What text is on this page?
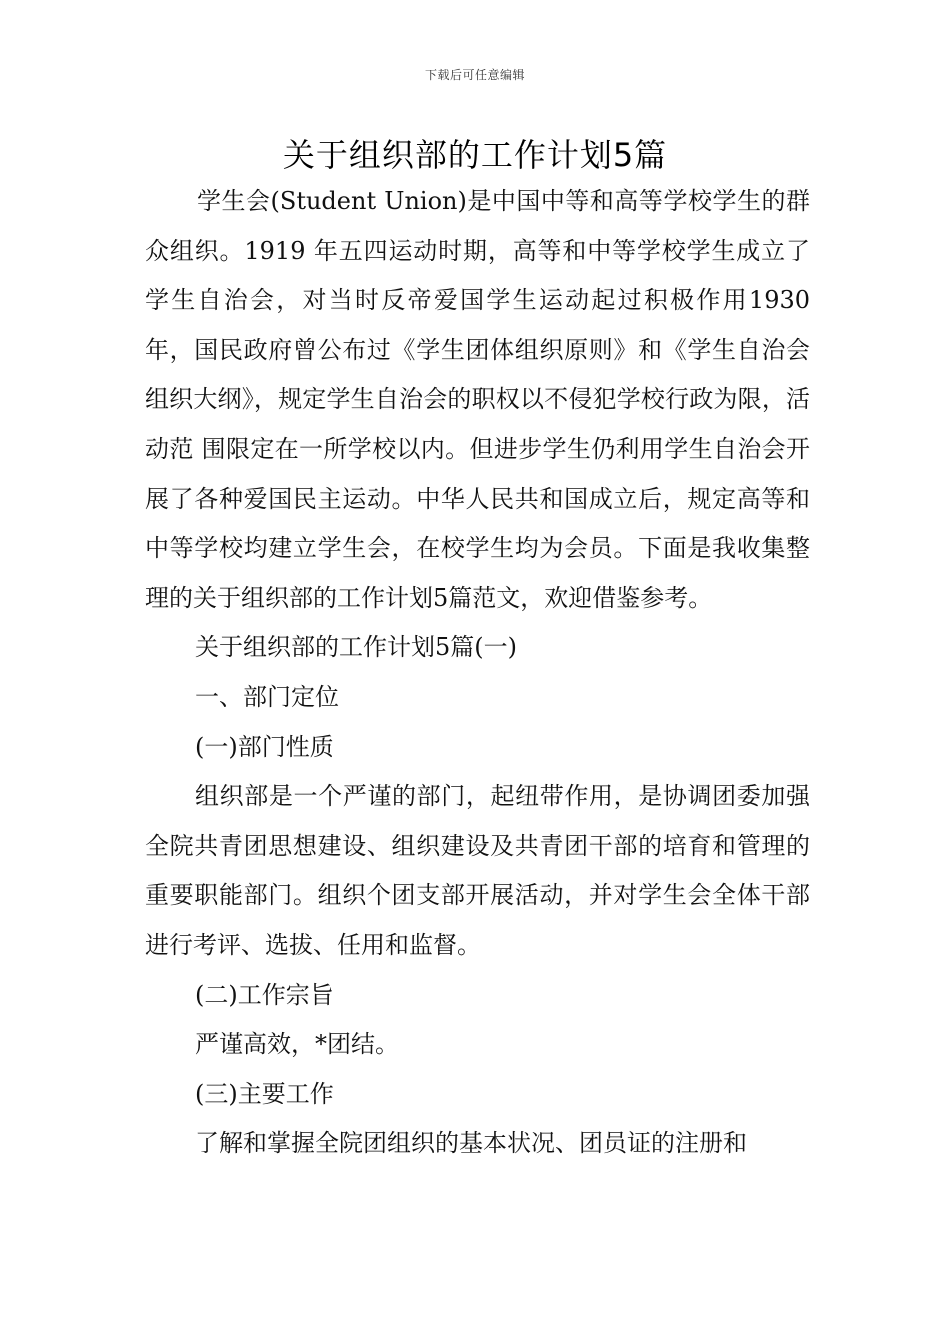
下载后可任意编辑
关于组织部的工作计划5篇

学生会(Student Union)是中国中等和高等学校学生的群众组织。1919 年五四运动时期，高等和中等学校学生成立了学生自治会，对当时反帝爱国学生运动起过积极作用1930 年，国民政府曾公布过《学生团体组织原则》和《学生自治会组织大纲》，规定学生自治会的职权以不侵犯学校行政为限，活动范 围限定在一所学校以内。但进步学生仍利用学生自治会开展了各种爱国民主运动。中华人民共和国成立后，规定高等和中等学校均建立学生会，在校学生均为会员。下面是我收集整理的关于组织部的工作计划5篇范文，欢迎借鉴参考。

关于组织部的工作计划5篇(一)

一、部门定位

(一)部门性质

组织部是一个严谨的部门，起纽带作用，是协调团委加强全院共青团思想建设、组织建设及共青团干部的培育和管理的重要职能部门。组织个团支部开展活动，并对学生会全体干部进行考评、选拔、任用和监督。

(二)工作宗旨

严谨高效，*团结。

(三)主要工作

了解和掌握全院团组织的基本状况、团员证的注册和
